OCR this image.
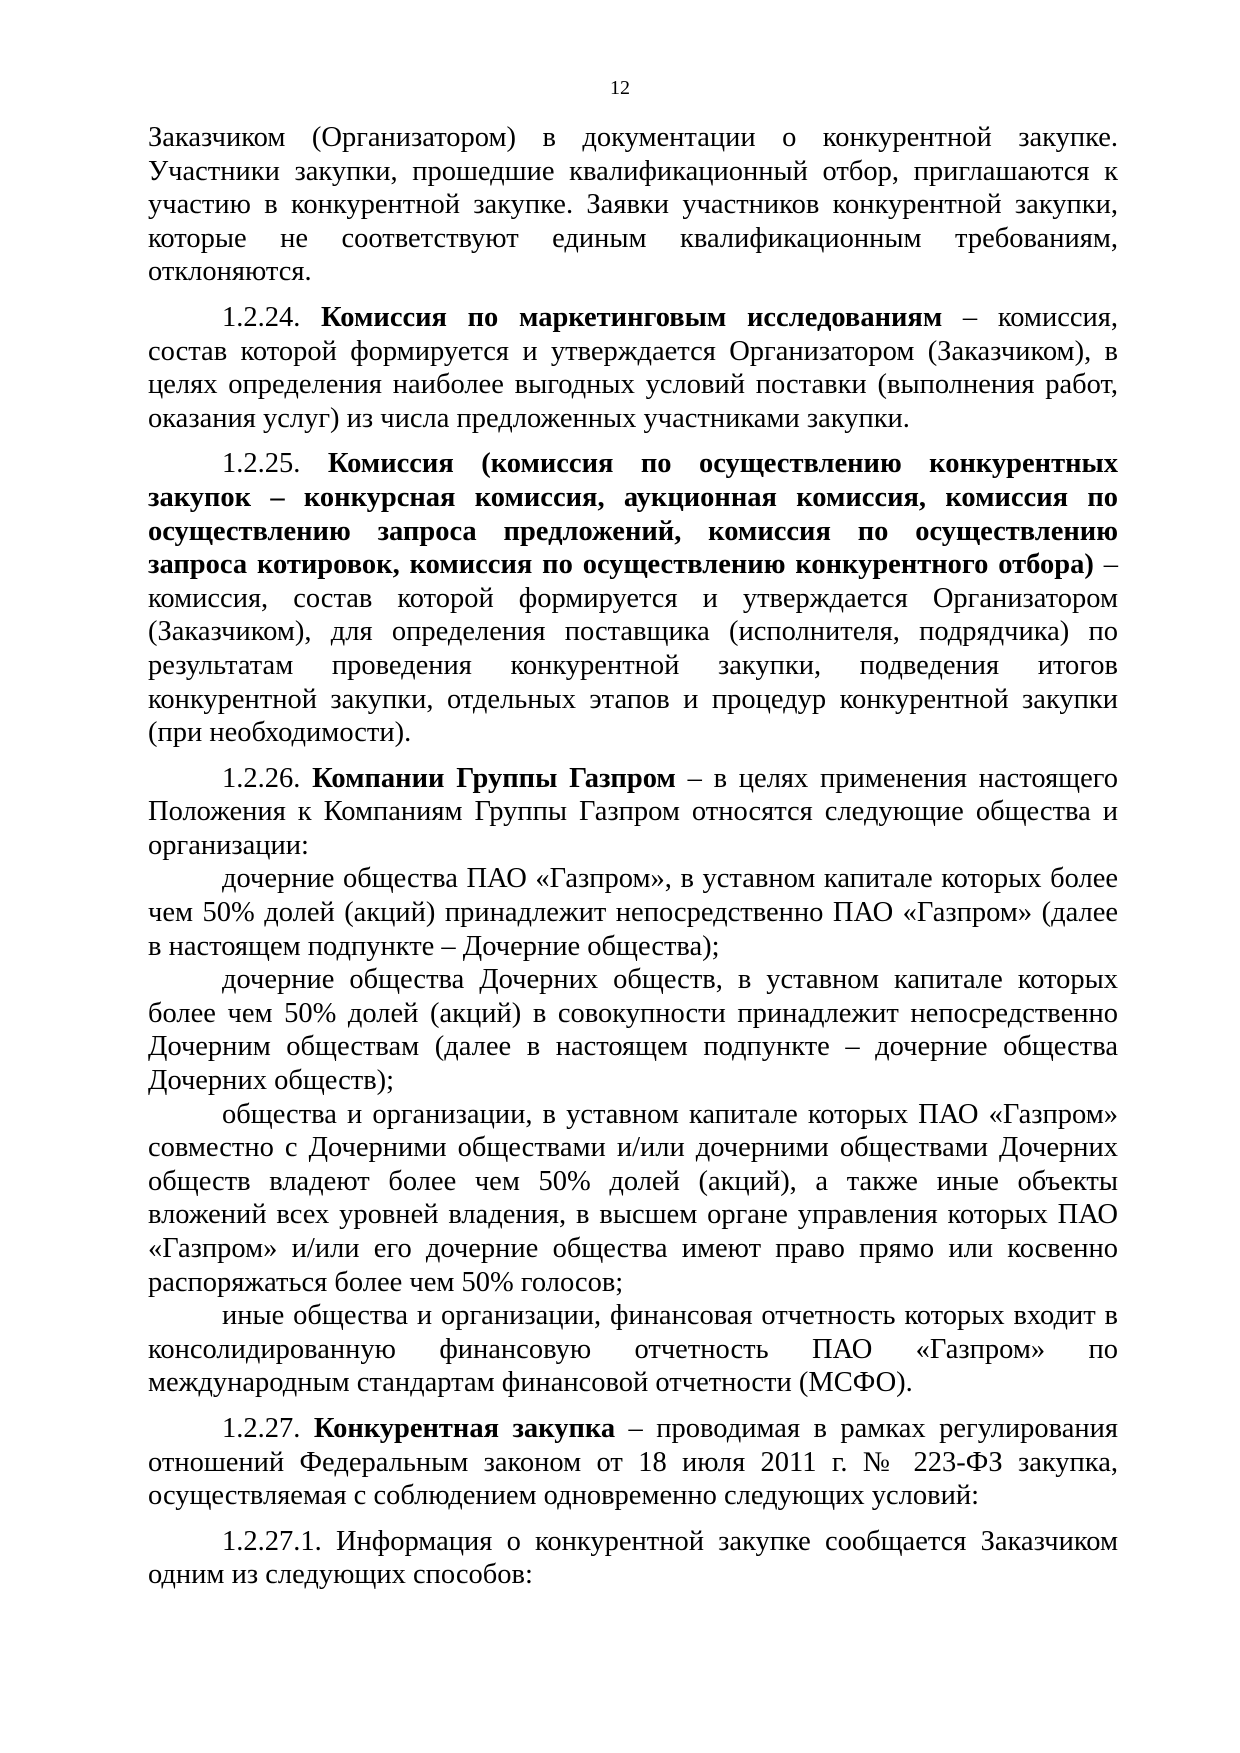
12

Заказчиком (Организатором) в документации о конкурентной закупке. Участники закупки, прошедшие квалификационный отбор, приглашаются к участию в конкурентной закупке. Заявки участников конкурентной закупки, которые не соответствуют единым квалификационным требованиям, отклоняются.

1.2.24. Комиссия по маркетинговым исследованиям – комиссия, состав которой формируется и утверждается Организатором (Заказчиком), в целях определения наиболее выгодных условий поставки (выполнения работ, оказания услуг) из числа предложенных участниками закупки.

1.2.25. Комиссия (комиссия по осуществлению конкурентных закупок – конкурсная комиссия, аукционная комиссия, комиссия по осуществлению запроса предложений, комиссия по осуществлению запроса котировок, комиссия по осуществлению конкурентного отбора) – комиссия, состав которой формируется и утверждается Организатором (Заказчиком), для определения поставщика (исполнителя, подрядчика) по результатам проведения конкурентной закупки, подведения итогов конкурентной закупки, отдельных этапов и процедур конкурентной закупки (при необходимости).

1.2.26. Компании Группы Газпром – в целях применения настоящего Положения к Компаниям Группы Газпром относятся следующие общества и организации:

дочерние общества ПАО «Газпром», в уставном капитале которых более чем 50% долей (акций) принадлежит непосредственно ПАО «Газпром» (далее в настоящем подпункте – Дочерние общества);

дочерние общества Дочерних обществ, в уставном капитале которых более чем 50% долей (акций) в совокупности принадлежит непосредственно Дочерним обществам (далее в настоящем подпункте – дочерние общества Дочерних обществ);

общества и организации, в уставном капитале которых ПАО «Газпром» совместно с Дочерними обществами и/или дочерними обществами Дочерних обществ владеют более чем 50% долей (акций), а также иные объекты вложений всех уровней владения, в высшем органе управления которых ПАО «Газпром» и/или его дочерние общества имеют право прямо или косвенно распоряжаться более чем 50% голосов;

иные общества и организации, финансовая отчетность которых входит в консолидированную финансовую отчетность ПАО «Газпром» по международным стандартам финансовой отчетности (МСФО).

1.2.27. Конкурентная закупка – проводимая в рамках регулирования отношений Федеральным законом от 18 июля 2011 г. № 223-ФЗ закупка, осуществляемая с соблюдением одновременно следующих условий:

1.2.27.1. Информация о конкурентной закупке сообщается Заказчиком одним из следующих способов:
